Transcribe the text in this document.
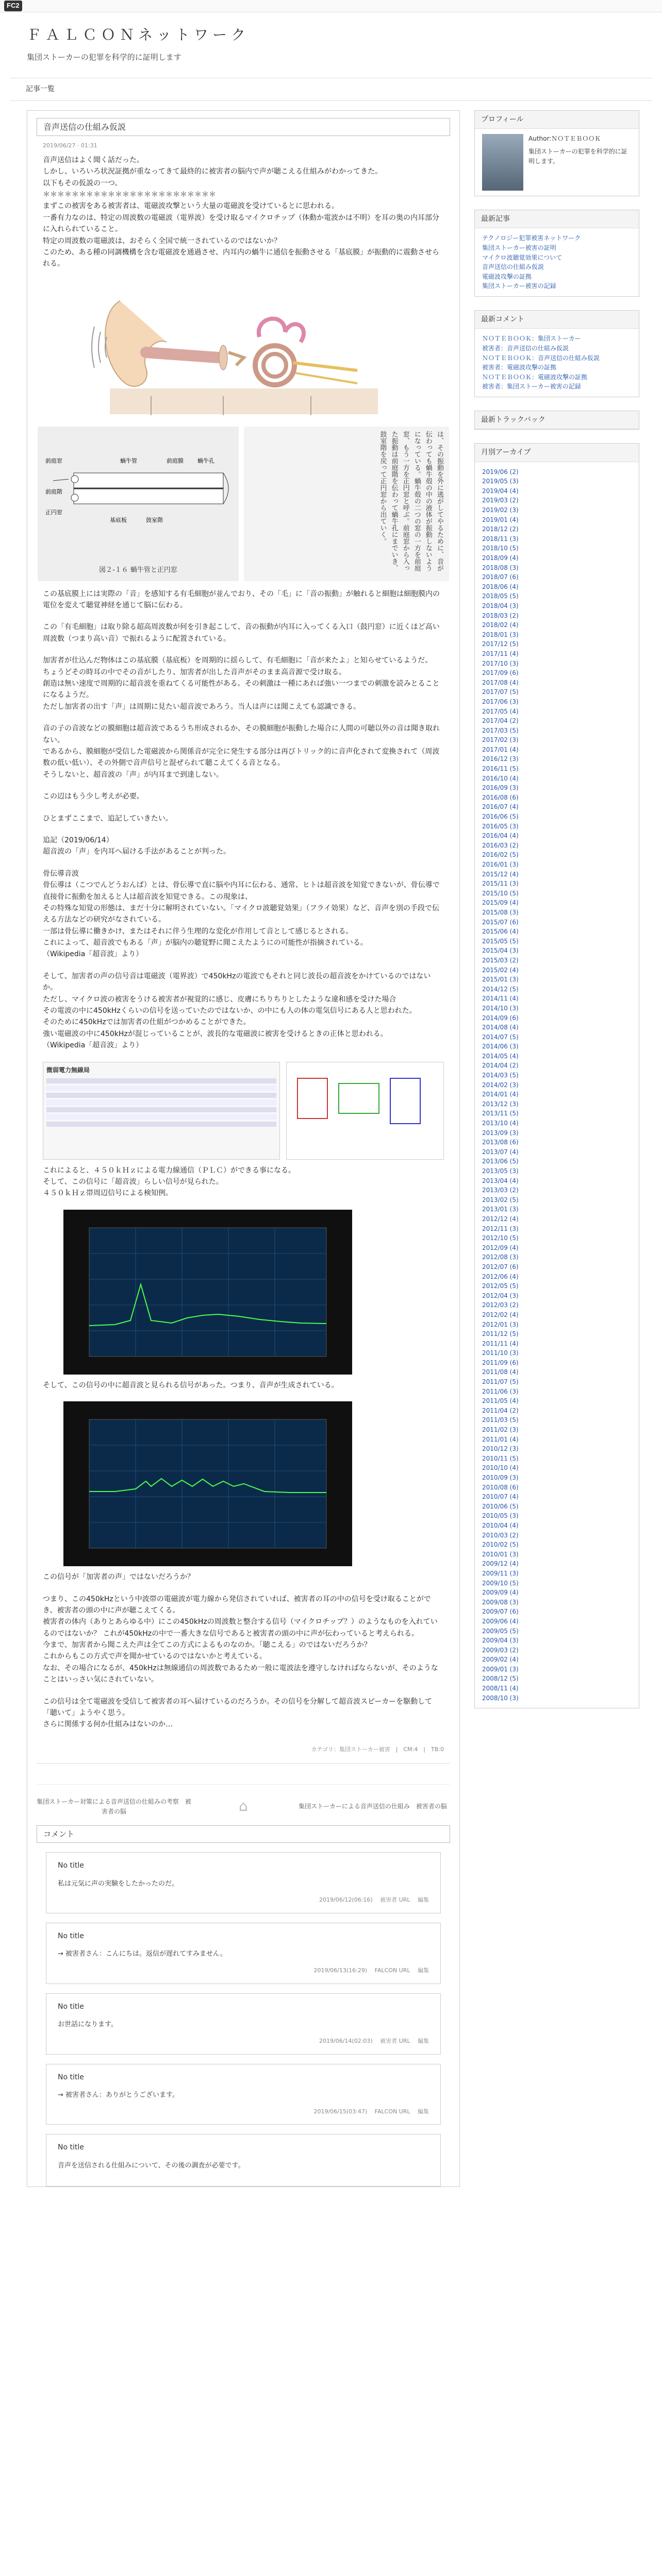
FC2
ＦＡＬＣＯＮネットワーク
集団ストーカーの犯罪を科学的に証明します
記事一覧
音声送信の仕組み仮説
2019/06/27 · 01:31

音声送信はよく聞く話だった。

しかし、いろいろ状況証拠が重なってきて最終的に被害者の脳内で声が聴こえる仕組みがわかってきた。

以下もその仮説の一つ。

＊＊＊＊＊＊＊＊＊＊＊＊＊＊＊＊＊＊＊＊＊＊＊＊

まずこの被害をある被害者は、電磁波攻撃という大量の電磁波を受けているとに思われる。

一番有力なのは、特定の周波数の電磁波（電界波）を受け取るマイクロチップ（体動か電波かは不明）を耳の奥の内耳部分に入れられていること。

特定の周波数の電磁波は、おそらく全国で統一されているのではないか？

このため、ある種の同調機構を含む電磁波を通過させ、内耳内の蝸牛に通信を振動させる「基底膜」が振動的に震動させられる。

前庭窓	蝸牛管
正円窓
基底板	鼓室階
蝸牛孔
前庭階
前庭膜
図２-１６ 蝸牛管と正円窓	は、その振動を外に逃がしてやるために、音が伝わっても蝸牛殻の中の液体が振動しないようになっている。蝸牛殻の二つの窓の一方を前庭窓、もう一方を正円窓と呼ぶ。前庭窓から入った振動は前庭階を伝わって蝸牛孔にまでいき、鼓室階を戻って正円窓から出ていく。

この基底膜上には実際の「音」を感知する有毛細胞が並んでおり、その「毛」に「音の振動」が触れると細胞は細胞膜内の電位を変えて聴覚神経を通じて脳に伝わる。

この「有毛細胞」は取り除る超高周波数が何を引き起こして、音の振動が内耳に入ってくる入口（鼓円窓）に近くほど高い周波数（つまり高い音）で振れるように配置されている。

加害者が仕込んだ物体はこの基底膜（基底板）を周期的に揺らして、有毛細胞に「音が来たよ」と知らせているようだ。

ちょうどその時耳の中でその音がしたり、加害者が出した音声がそのまま高音源で受け取る。

創造は無い速度で周期的に超音波を重ねてくる可能性がある。その刺激は一種にあれば強い一つまでの刺激を読みとることになるようだ。

ただし加害者の出す「声」は周期に見たい超音波であろう。当人は声には聞こえても認識できる。

音の子の音波などの膜細胞は超音波であるうち形成されるか、その膜細胞が振動した場合に人間の可聴以外の音は聞き取れない。

であるから、膜細胞が受信した電磁波から関係音が完全に発生する部分は再びトリック的に音声化されて変換されて（周波数の低い低い）、その外側で音声信号と混ぜられて聴こえてくる音となる。

そうしないと、超音波の「声」が内耳まで到達しない。

この辺はもう少し考えが必要。

ひとまずここまで、追記していきたい。

追記（2019/06/14）

超音波の「声」を内耳へ届ける手法があることが判った。

骨伝導音波

骨伝導は（こつでんどうおんぱ）とは、骨伝導で直に脳や内耳に伝わる、通常、ヒトは超音波を知覚できないが、骨伝導で直接骨に振動を加えると人は超音波を知覚できる。この現象は、

その特殊な知覚の形態は、まだ十分に解明されていない。「マイクロ波聴覚効果」（フライ効果）など、音声を別の手段で伝える方法などの研究がなされている。

一部は骨伝導に働きかけ、またはそれに伴う生理的な変化が作用して音として感じるとされる。

これによって、超音波でもある「声」が脳内の聴覚野に聞こえたようにの可能性が指摘されている。

（Wikipedia「超音波」より）

そして、加害者の声の信号音は電磁波（電界波）で450kHzの電波でもそれと同じ波長の超音波をかけているのではないか。

ただし、マイクロ波の被害をうける被害者が視覚的に感じ、皮膚にちりちりとしたような違和感を受けた場合

その電波の中に450kHzくらいの信号を送っていたのではないか、の中にも人の体の電気信号にある人と思われた。

そのために450kHzでは加害者の仕組がつかめることができた。

強い電磁波の中に450kHzが混じっていることが、波長的な電磁波に被害を受けるときの正体と思われる。

（Wikipedia「超音波」より）

微弱電力無線局

これによると、４５０ｋＨｚによる電力線通信（ＰＬＣ）ができる事になる。

そして、この信号に「超音波」らしい信号が見られた。

４５０ｋＨｚ帯周辺信号による検知例。

そして、この信号の中に超音波と見られる信号があった。つまり、音声が生成されている。

この信号が「加害者の声」ではないだろうか？

つまり、この450kHzという中波帯の電磁波が電力線から発信されていれば、被害者の耳の中の信号を受け取ることができ、被害者の頭の中に声が聴こえてくる。

被害者の体内（ありとあらゆる中）にこの450kHzの周波数と整合する信号（マイクロチップ？）のようなものを入れているのではないか？ これが450kHzの中で一番大きな信号であると被害者の頭の中に声が伝わっていると考えられる。

今まで、加害者から聞こえた声は全てこの方式によるものなのか。「聴こえる」のではないだろうか？

これからもこの方式で声を聞かせているのではないかと考えている。

なお、その場合になるが、450kHzは無線通信の周波数であるため一般に電波法を遵守しなければならないが、そのようなことはいっさい気にされていない。

この信号は全て電磁波を受信して被害者の耳へ届けているのだろうか。その信号を分解して超音波スピーカーを駆動して「聴いて」ようやく思う。

さらに関係する何か仕組みはないのか…

カテゴリ：集団ストーカー被害　|　CM:4　|　TB:0
集団ストーカー対策による音声送信の仕組みの考察　被害者の脳	⌂	集団ストーカーによる音声送信の仕組み　被害者の脳
コメント
No title
私は元気に声の実験をしたかったのだ。
2019/06/12(06:16) 　被害者 URL 　編集
No title
→ 被害者さん：こんにちは。返信が遅れてすみません。
2019/06/13(16:29) 　FALCON URL 　編集
No title
お世話になります。
2019/06/14(02:03) 　被害者 URL 　編集
No title
→ 被害者さん：ありがとうございます。
2019/06/15(03:47) 　FALCON URL 　編集
No title
音声を送信される仕組みについて、その後の調査が必要です。
プロフィール
Author:ＮＯＴＥＢＯＯＫ
集団ストーカーの犯罪を科学的に証明します。
最新記事
テクノロジー犯罪被害ネットワーク
集団ストーカー被害の証明
マイクロ波聴覚効果について
音声送信の仕組み仮説
電磁波攻撃の証拠
集団ストーカー被害の記録
最新コメント
ＮＯＴＥＢＯＯＫ：集団ストーカー
被害者：音声送信の仕組み仮説
ＮＯＴＥＢＯＯＫ：音声送信の仕組み仮説
被害者：電磁波攻撃の証拠
ＮＯＴＥＢＯＯＫ：電磁波攻撃の証拠
被害者：集団ストーカー被害の記録
最新トラックバック
月別アーカイブ
2019/06 (2)
2019/05 (3)
2019/04 (4)
2019/03 (2)
2019/02 (3)
2019/01 (4)
2018/12 (2)
2018/11 (3)
2018/10 (5)
2018/09 (4)
2018/08 (3)
2018/07 (6)
2018/06 (4)
2018/05 (5)
2018/04 (3)
2018/03 (2)
2018/02 (4)
2018/01 (3)
2017/12 (5)
2017/11 (4)
2017/10 (3)
2017/09 (6)
2017/08 (4)
2017/07 (5)
2017/06 (3)
2017/05 (4)
2017/04 (2)
2017/03 (5)
2017/02 (3)
2017/01 (4)
2016/12 (3)
2016/11 (5)
2016/10 (4)
2016/09 (3)
2016/08 (6)
2016/07 (4)
2016/06 (5)
2016/05 (3)
2016/04 (4)
2016/03 (2)
2016/02 (5)
2016/01 (3)
2015/12 (4)
2015/11 (3)
2015/10 (5)
2015/09 (4)
2015/08 (3)
2015/07 (6)
2015/06 (4)
2015/05 (5)
2015/04 (3)
2015/03 (2)
2015/02 (4)
2015/01 (3)
2014/12 (5)
2014/11 (4)
2014/10 (3)
2014/09 (6)
2014/08 (4)
2014/07 (5)
2014/06 (3)
2014/05 (4)
2014/04 (2)
2014/03 (5)
2014/02 (3)
2014/01 (4)
2013/12 (3)
2013/11 (5)
2013/10 (4)
2013/09 (3)
2013/08 (6)
2013/07 (4)
2013/06 (5)
2013/05 (3)
2013/04 (4)
2013/03 (2)
2013/02 (5)
2013/01 (3)
2012/12 (4)
2012/11 (3)
2012/10 (5)
2012/09 (4)
2012/08 (3)
2012/07 (6)
2012/06 (4)
2012/05 (5)
2012/04 (3)
2012/03 (2)
2012/02 (4)
2012/01 (3)
2011/12 (5)
2011/11 (4)
2011/10 (3)
2011/09 (6)
2011/08 (4)
2011/07 (5)
2011/06 (3)
2011/05 (4)
2011/04 (2)
2011/03 (5)
2011/02 (3)
2011/01 (4)
2010/12 (3)
2010/11 (5)
2010/10 (4)
2010/09 (3)
2010/08 (6)
2010/07 (4)
2010/06 (5)
2010/05 (3)
2010/04 (4)
2010/03 (2)
2010/02 (5)
2010/01 (3)
2009/12 (4)
2009/11 (3)
2009/10 (5)
2009/09 (4)
2009/08 (3)
2009/07 (6)
2009/06 (4)
2009/05 (5)
2009/04 (3)
2009/03 (2)
2009/02 (4)
2009/01 (3)
2008/12 (5)
2008/11 (4)
2008/10 (3)
